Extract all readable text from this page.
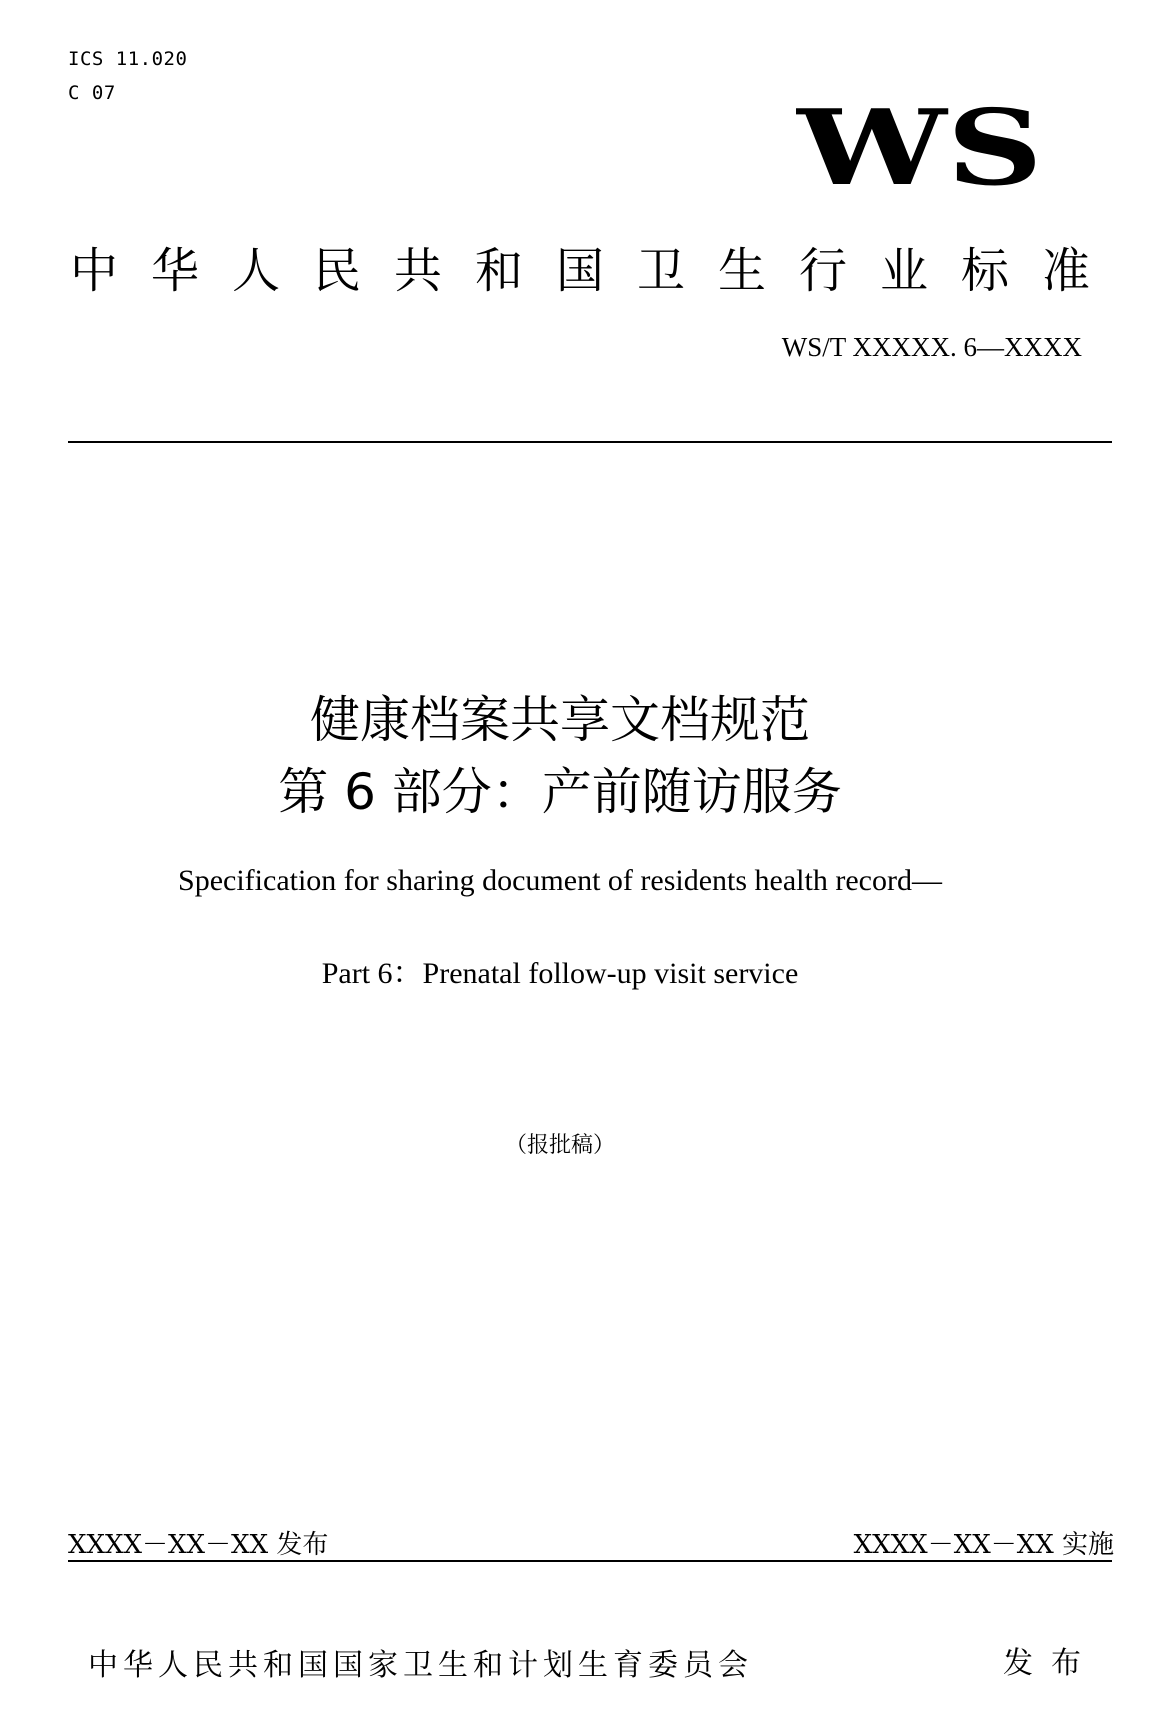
ICS 11.020
C 07	WS
中华人民共和国卫生行业标准
WS/T XXXXX. 6—XXXX
健康档案共享文档规范
第 6 部分：产前随访服务
Specification for sharing document of residents health record—
Part 6：Prenatal follow-up visit service
（报批稿）
XXXX－XX－XX 发布	XXXX－XX－XX 实施
中华人民共和国国家卫生和计划生育委员会	发布
